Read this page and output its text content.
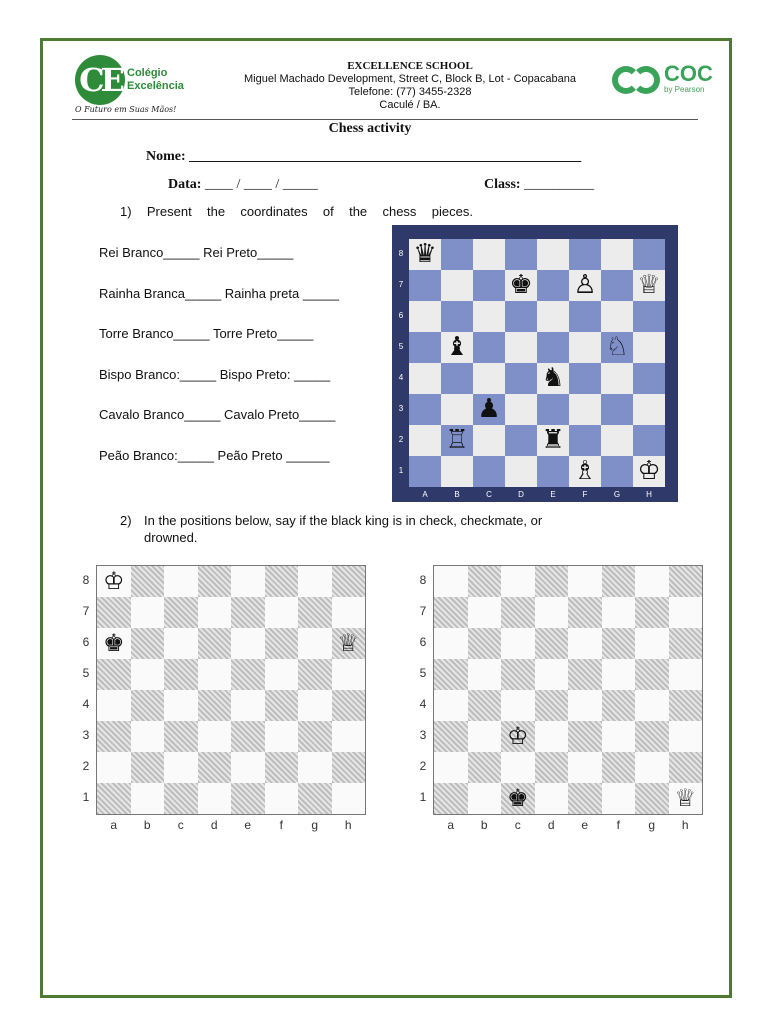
CE Colégio
Excelência
O Futuro em Suas Mãos!
EXCELLENCE SCHOOL
Miguel Machado Development, Street C, Block B, Lot - Copacabana
Telefone: (77) 3455-2328
Caculé / BA.
COC
by Pearson
Chess activity
Nome: ________________________________________________________
Data: ____ / ____ / _____	Class: __________
1) Present the coordinates of the chess pieces.
Rei Branco_____ Rei Preto_____
Rainha Branca_____ Rainha preta _____
Torre Branco_____ Torre Preto_____
Bispo Branco:_____ Bispo Preto: _____
Cavalo Branco_____ Cavalo Preto_____
Peão Branco:_____ Peão Preto ______
♛
♚ ♙ ♕
♝	♘
♞
♟
♖	♜
♗ ♔
8
7
6
5
4
3
2
1
A	B	C	D	E	F	G	H
2) In the positions below, say if the black king is in check, checkmate, or
drowned.
♔
♚	♕
8
7
6
5
4
3
2
1
a	b	c	d	e	f	g	h
♔
♚	♕
8
7
6
5
4
3
2
1
a	b	c	d	e	f	g	h
